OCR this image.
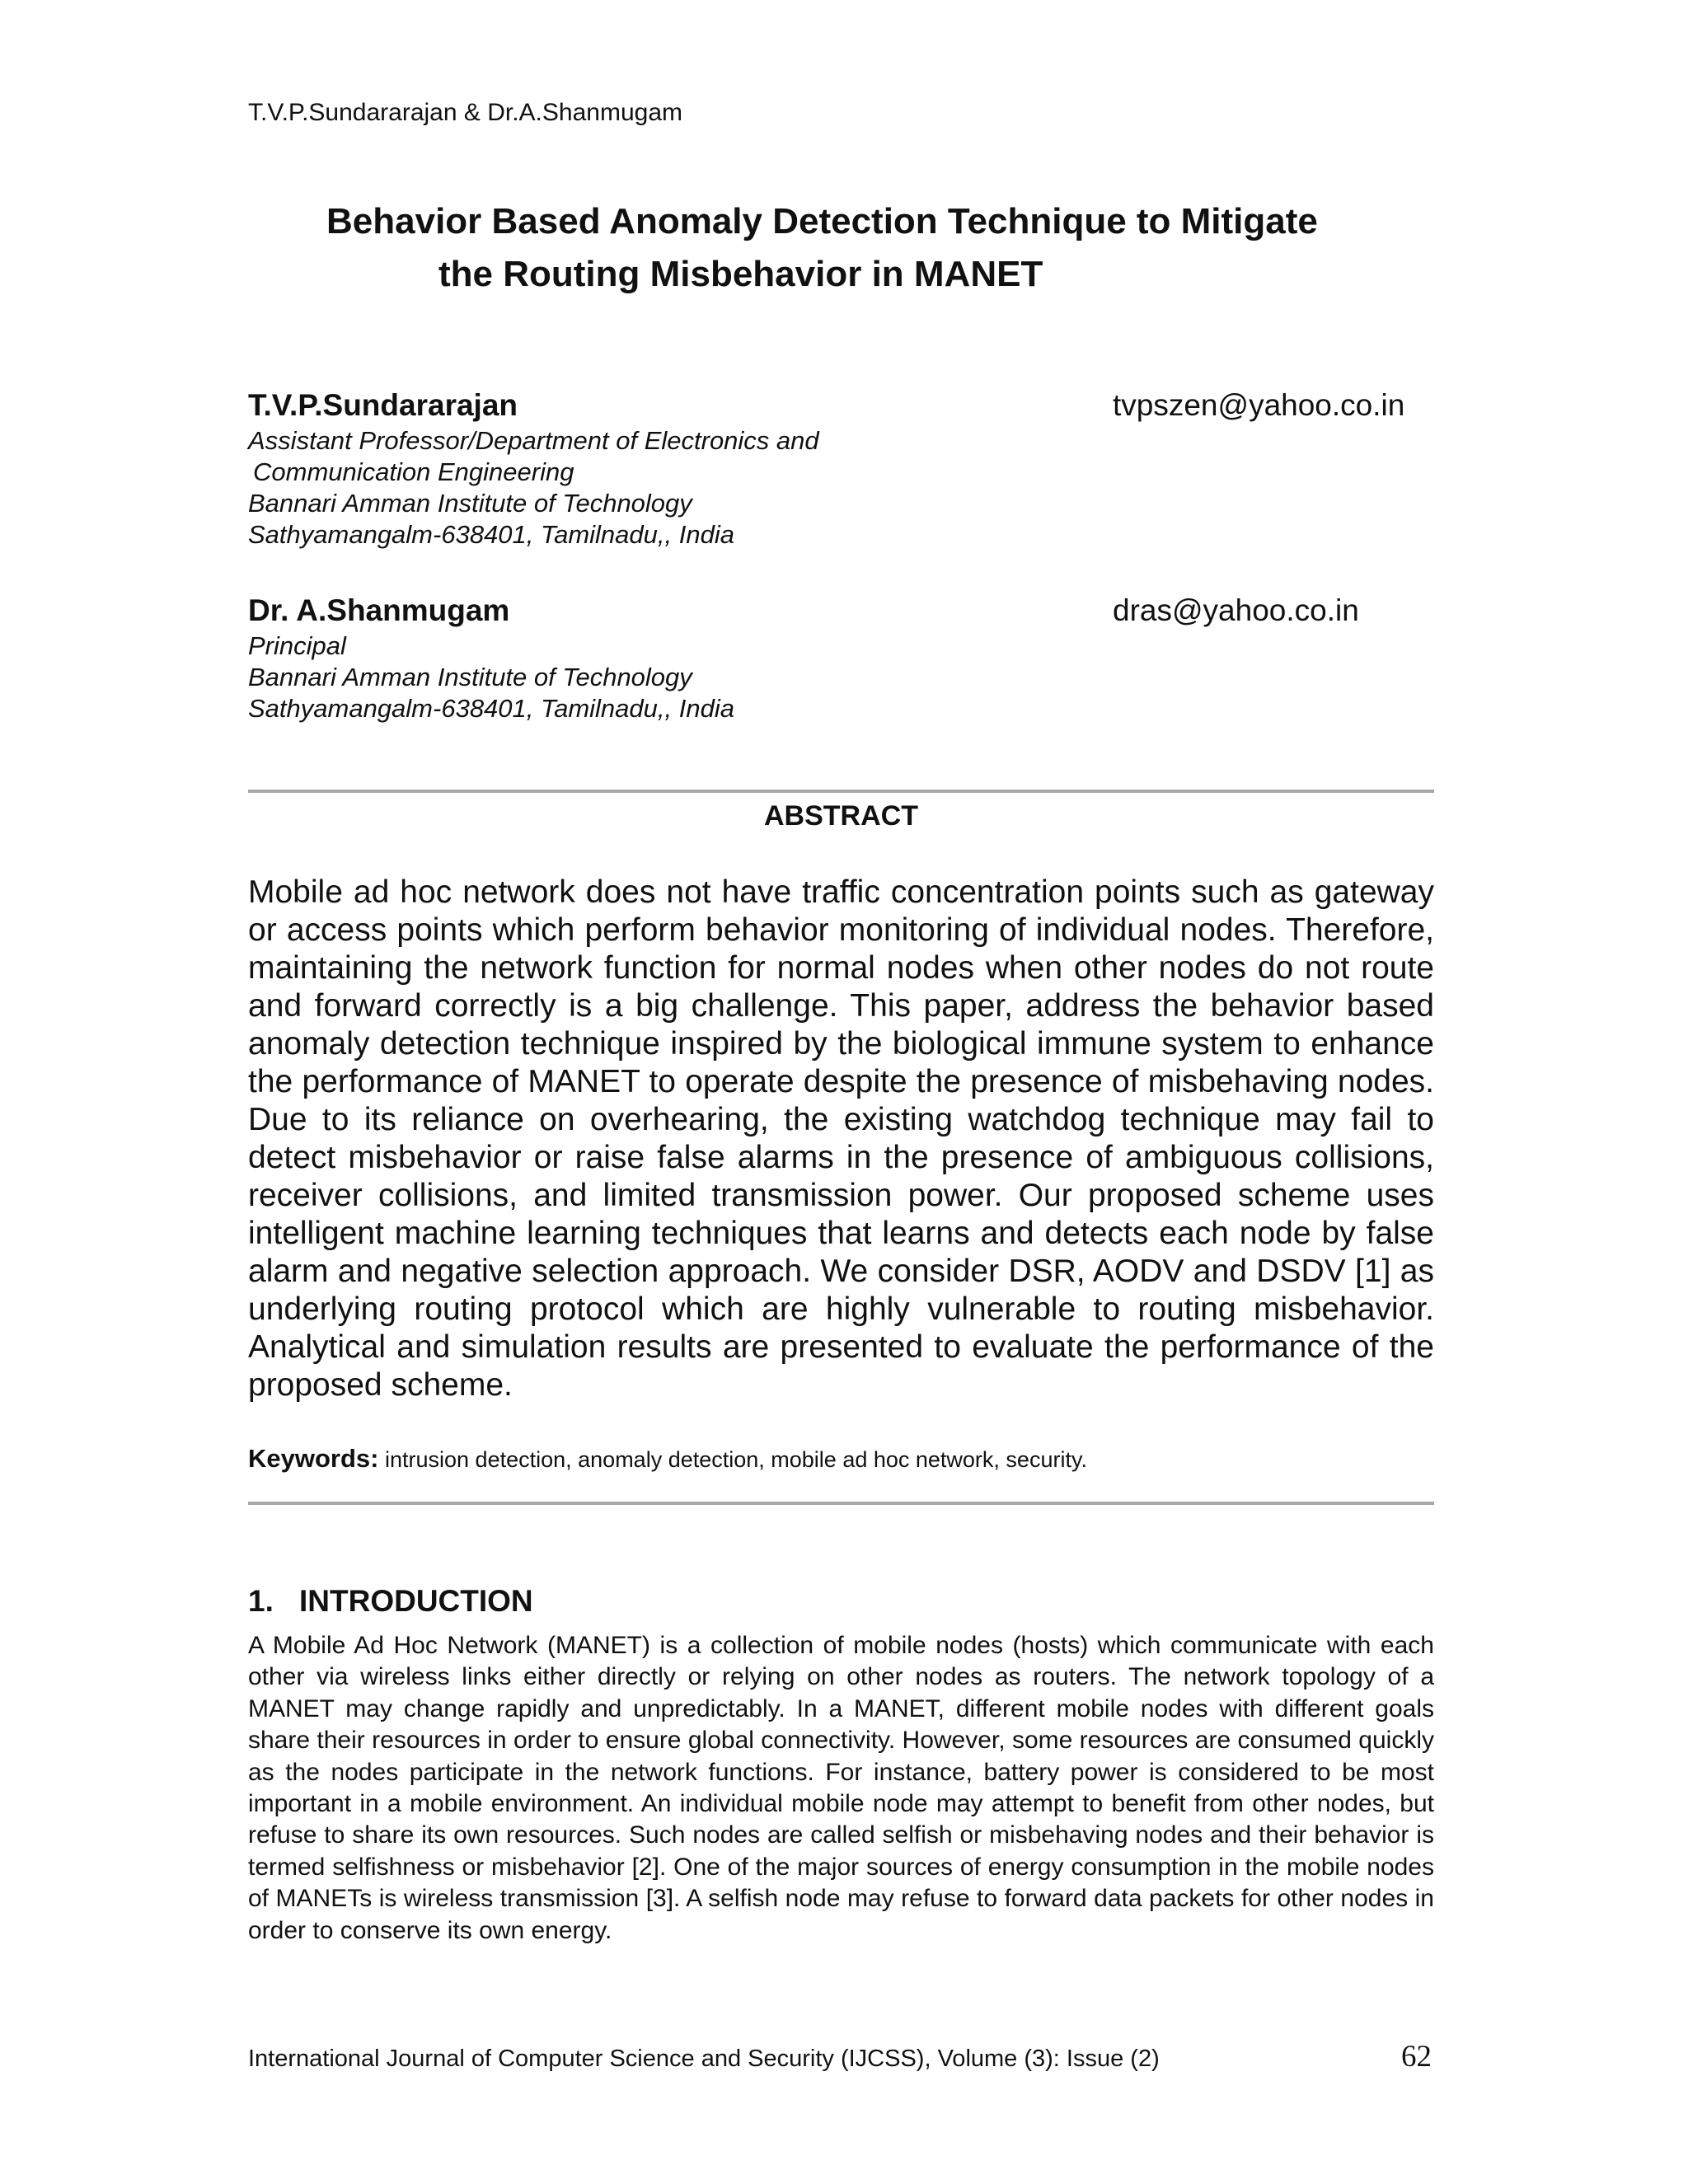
T.V.P.Sundararajan & Dr.A.Shanmugam
Behavior Based Anomaly Detection Technique to Mitigate
the Routing Misbehavior in MANET
T.V.P.Sundararajan	tvpszen@yahoo.co.in
Assistant Professor/Department of Electronics and
Communication Engineering
Bannari Amman Institute of Technology
Sathyamangalm-638401, Tamilnadu,, India
Dr. A.Shanmugam	dras@yahoo.co.in
Principal
Bannari Amman Institute of Technology
Sathyamangalm-638401, Tamilnadu,, India
ABSTRACT

Mobile ad hoc network does not have traffic concentration points such as gateway or access points which perform behavior monitoring of individual nodes. Therefore, maintaining the network function for normal nodes when other nodes do not route and forward correctly is a big challenge. This paper, address the behavior based anomaly detection technique inspired by the biological immune system to enhance the performance of MANET to operate despite the presence of misbehaving nodes. Due to its reliance on overhearing, the existing watchdog technique may fail to detect misbehavior or raise false alarms in the presence of ambiguous collisions, receiver collisions, and limited transmission power. Our proposed scheme uses intelligent machine learning techniques that learns and detects each node by false alarm and negative selection approach. We consider DSR, AODV and DSDV [1] as underlying routing protocol which are highly vulnerable to routing misbehavior. Analytical and simulation results are presented to evaluate the performance of the proposed scheme.

Keywords: intrusion detection, anomaly detection, mobile ad hoc network, security.
1. INTRODUCTION

A Mobile Ad Hoc Network (MANET) is a collection of mobile nodes (hosts) which communicate with each other via wireless links either directly or relying on other nodes as routers. The network topology of a MANET may change rapidly and unpredictably. In a MANET, different mobile nodes with different goals share their resources in order to ensure global connectivity. However, some resources are consumed quickly as the nodes participate in the network functions. For instance, battery power is considered to be most important in a mobile environment. An individual mobile node may attempt to benefit from other nodes, but refuse to share its own resources. Such nodes are called selfish or misbehaving nodes and their behavior is termed selfishness or misbehavior [2]. One of the major sources of energy consumption in the mobile nodes of MANETs is wireless transmission [3]. A selfish node may refuse to forward data packets for other nodes in order to conserve its own energy.

International Journal of Computer Science and Security (IJCSS), Volume (3): Issue (2)	62
